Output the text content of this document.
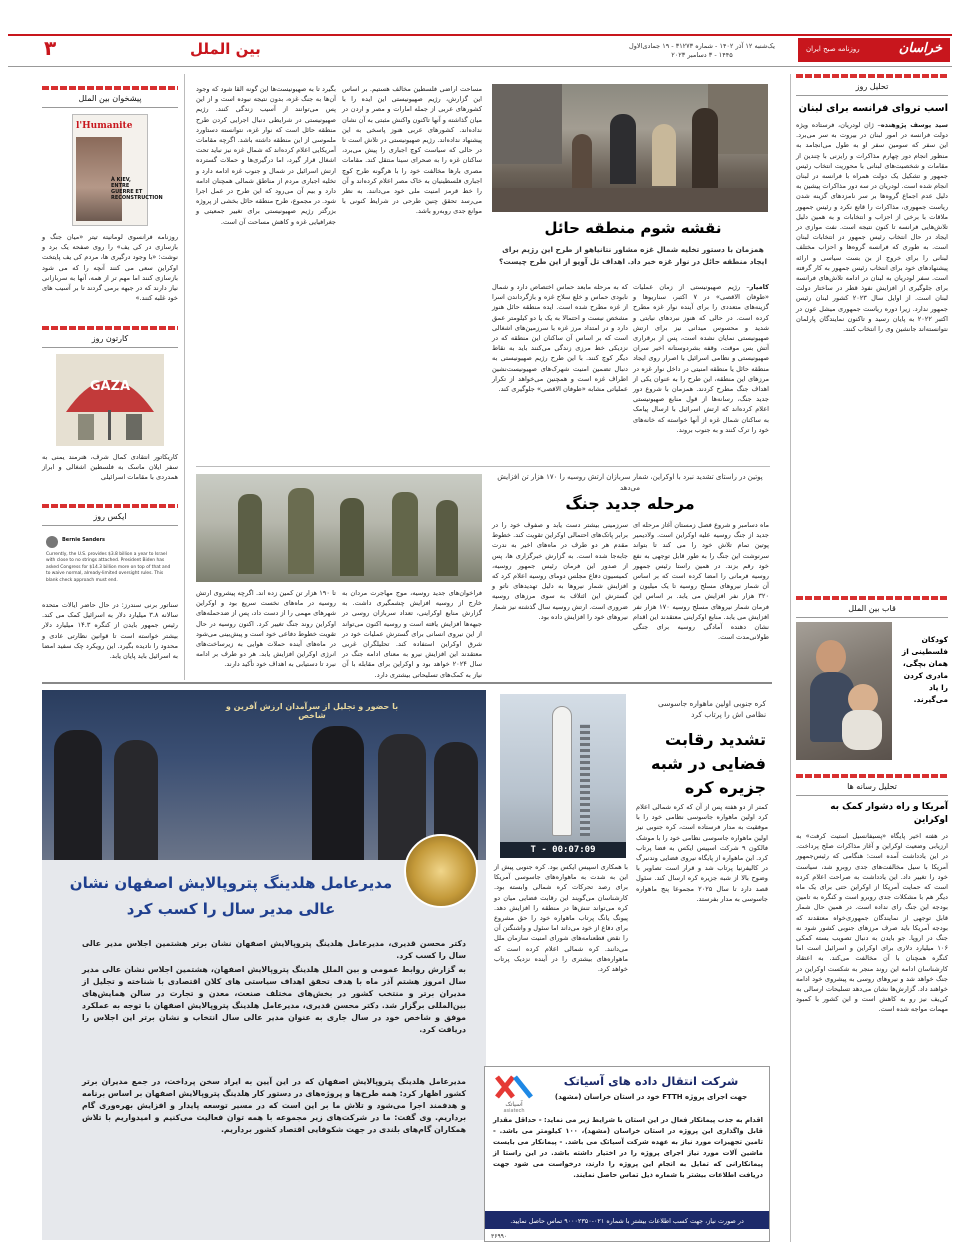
۳	بین الملل	یک‌شنبه ۱۲ آذر ۱۴۰۲ - شماره ۳۱۲۷۳ - ۱۹ جمادی‌الاول ۱۴۴۵ - ۳ دسامبر ۲۰۲۳	خراسان
روزنامه صبح ایران
تحلیل روز
اسب تروای فرانسه برای لبنان
سید یوسف پژوهنده– ژان لودریان، فرستاده ویژه دولت فرانسه در امور لبنان در بیروت به سر می‌برد. این سفر که سومین سفر او به طول می‌انجامد به منظور انجام دور چهارم مذاکرات و رایزنی با چندین از مقامات و شخصیت‌های لبنانی با محوریت انتخاب رئیس جمهور و تشکیل یک دولت همراه با فرانسه در لبنان انجام شده است. لودریان در سه دور مذاکرات پیشین به دلیل عدم اجماع گروه‌ها بر سر نامزدهای گزینه شدن ریاست جمهوری، مذاکرات را قانع نکرد و رئیس جمهور ملاقات با برخی از احزاب و انتخابات و به همین دلیل تلاش‌هایی فرانسه تا کنون نتیجه است. نفت موازی در ایجاد در حال انتخاب رئیس جمهور در انتخابات لبنان است. به طوری که فرانسه گروه‌ها و احزاب مختلف لبنانی را برای خروج از بن بست سیاسی و ارائه پیشنهادهای خود برای انتخاب رئیس جمهور به کار گرفته است. سفر لودریان به لبنان در ادامه تلاش‌های فرانسه برای جلوگیری از افزایش نفوذ قطر در ساختار دولت لبنان است. از اوایل سال ۲۰۲۳ کشور لبنان رئیس جمهور ندارد. زیرا دوره ریاست جمهوری میشل عون در اکتبر ۲۰۲۲ به پایان رسید و تاکنون نمایندگان پارلمان نتوانسته‌اند جانشین وی را انتخاب کنند.
قاب بین الملل
کودکان فلسطینی از همان بچگی، مادری کردن را یاد می‌گیرند.
تحلیل رسانه ها
آمریکا و راه دشوار کمک به اوکراین
در هفته اخیر پایگاه «پسیفانسیل استیت کرفت» به ارزیابی وضعیت اوکراین و آغاز مذاکرات صلح پرداخت. در این یادداشت آمده است: هنگامی که رئیس‌جمهور آمریکا با سیل مخالفت‌های جدی روبرو شد، سیاست خود را تغییر داد. این یادداشت به صراحت اعلام کرده است که حمایت آمریکا از اوکراین حتی برای یک ماه دیگر هم با مشکلات جدی روبرو است و کنگره به تامین بودجه این جنگ رای نداده است. در همین حال شمار قابل توجهی از نمایندگان جمهوری‌خواه معتقدند که بودجه آمریکا باید صرف مرزهای جنوبی کشور شود نه جنگ در اروپا. جو بایدن به دنبال تصویب بسته کمکی ۱۰۶ میلیارد دلاری برای اوکراین و اسرائیل است اما کنگره همچنان با آن مخالفت می‌کند. به اعتقاد کارشناسان ادامه این روند منجر به شکست اوکراین در جنگ خواهد شد و نیروهای روسی به پیشروی خود ادامه خواهند داد. گزارش‌ها نشان می‌دهد تسلیحات ارسالی به کی‌یف نیز رو به کاهش است و این کشور با کمبود مهمات مواجه شده است.
پیشخوان بین الملل
l'Humanite
À KIEV, ENTRE GUERRE ET RECONSTRUCTION
روزنامه فرانسوی لومانیته تیتر «میان جنگ و بازسازی در کی یف» را روی صفحه یک برد و نوشت: «با وجود درگیری ها، مردم کی یف پایتخت اوکراین سعی می کنند آنچه را که می شود بازسازی کنند اما مهم تر از همه، آنها به سربازانی نیاز دارند که در جبهه برمی گردند تا بر آسیب های خود غلبه کنند.»
کارتون روز
GAZA
کاریکاتور انتقادی کمال شرف، هنرمند یمنی به سفر ایلان ماسک به فلسطین اشغالی و ابراز همدردی با مقامات اسرائیلی
ایکس روز
Bernie Sanders
Currently, the U.S. provides $3.8 billion a year to Israel with close to no strings attached. President Biden has asked Congress for $14.3 billion more on top of that and to waive normal, already-limited oversight rules. This blank check approach must end.
سناتور برنی سندرز: در حال حاضر ایالات متحده سالانه ۳.۸ میلیارد دلار به اسرائیل کمک می کند. رئیس جمهور بایدن از کنگره ۱۴.۳ میلیارد دلار بیشتر خواسته است تا قوانین نظارتی عادی و محدود را نادیده بگیرد. این رویکرد چک سفید امضا به اسرائیل باید پایان یابد.
نقشه شوم منطقه حائل
همزمان با دستور تخلیه شمال غزه مشاور نتانیاهو از طرح این رژیم برای ایجاد منطقه حائل در نوار غزه خبر داد. اهداف تل آویو از این طرح چیست؟
کامیار– رژیم صهیونیستی از زمان عملیات «طوفان الاقصی» در ۷ اکتبر، سناریوها و گزینه‌های متعددی را برای آینده نوار غزه مطرح کرده است. در حالی که هنوز نبردهای نیابتی و شدید و محسوس میدانی نیز برای ارتش صهیونیستی نمایان نشده است، پس از برقراری آتش بس موقت، وقفه بشردوستانه اخیر سران صهیونیستی و نظامی اسرائیل با اصرار روی ایجاد منطقه حائل یا منطقه امنیتی در داخل نوار غزه در مرزهای این منطقه، این طرح را به عنوان یکی از اهداف جنگ مطرح کردند. همزمان با شروع دور جدید جنگ، رسانه‌ها از قول منابع صهیونیستی اعلام کرده‌اند که ارتش اسرائیل با ارسال پیامک به ساکنان شمال غزه از آنها خواسته که خانه‌های خود را ترک کنند و به جنوب بروند.
که به مرحله مابعد حماس اختصاص دارد و شمال نابودی حماس و خلع سلاح غزه و بازگرداندن اسرا از غزه مطرح شده است. ایده منطقه حائل هنوز مشخص نیست و احتمالا به یک یا دو کیلومتر عمق دارد و در امتداد مرز غزه با سرزمین‌های اشغالی است که بر اساس آن ساکنان این منطقه که در نزدیکی خط مرزی زندگی می‌کنند باید به نقاط دیگر کوچ کنند. با این طرح رژیم صهیونیستی به دنبال تضمین امنیت شهرک‌های صهیونیست‌نشین اطراف غزه است و همچنین می‌خواهد از تکرار عملیاتی مشابه «طوفان الاقصی» جلوگیری کند.
مساحت اراضی فلسطین مخالف هستیم. بر اساس این گزارش، رژیم صهیونیستی این ایده را با کشورهای عربی از جمله امارات و مصر و اردن در میان گذاشته و آنها تاکنون واکنش مثبتی به آن نشان نداده‌اند. کشورهای عربی هنوز پاسخی به این پیشنهاد نداده‌اند. رژیم صهیونیستی در تلاش است تا در حالی که سیاست کوچ اجباری را پیش می‌برد، ساکنان غزه را به صحرای سینا منتقل کند. مقامات مصری بارها مخالفت خود را با هرگونه طرح کوچ اجباری فلسطینیان به خاک مصر اعلام کرده‌اند و آن را خط قرمز امنیت ملی خود می‌دانند. به نظر می‌رسد تحقق چنین طرحی در شرایط کنونی با موانع جدی روبه‌رو باشد.
بگیرد تا به صهیونیست‌ها این گونه القا شود که وجود آن‌ها به جنگ غزه، بدون نتیجه نبوده است و از این پس می‌توانند از آسیب زندگی کنند. رژیم صهیونیستی در شرایطی دنبال اجرایی کردن طرح منطقه حائل است که نوار غزه، نتوانسته دستاورد ملموسی از این منطقه داشته باشد. اگرچه مقامات آمریکایی اعلام کرده‌اند که شمال غزه نیز نباید تحت اشغال قرار گیرد، اما درگیری‌ها و حملات گسترده ارتش اسرائیل در شمال و جنوب غزه ادامه دارد و تخلیه اجباری مردم از مناطق شمالی همچنان ادامه دارد و بیم آن می‌رود که این طرح در عمل اجرا شود. در مجموع، طرح منطقه حائل بخشی از پروژه بزرگتر رژیم صهیونیستی برای تغییر جمعیتی و جغرافیایی غزه و کاهش مساحت آن است.
پوتین در راستای تشدید نبرد با اوکراین، شمار سربازان ارتش روسیه را ۱۷۰ هزار تن افزایش می‌دهد
مرحله جدید جنگ
ماه دسامبر و شروع فصل زمستان آغاز مرحله ای جدید از جنگ روسیه علیه اوکراین است. ولادیمیر پوتین تمام تلاش خود را می کند تا بتواند سرنوشت این جنگ را به طور قابل توجهی به نفع خود رقم بزند. در همین راستا رئیس جمهور روسیه فرمانی را امضا کرده است که بر اساس آن شمار نیروهای مسلح روسیه تا یک میلیون و ۳۲۰ هزار نفر افزایش می یابد. بر اساس این فرمان شمار نیروهای مسلح روسیه ۱۷۰ هزار نفر افزایش می یابد. منابع اوکراینی معتقدند این اقدام نشان دهنده آمادگی روسیه برای جنگی طولانی‌مدت است.
سرزمینی بیشتر دست یابد و صفوف خود را در برابر پاتک‌های احتمالی اوکراین تقویت کند. خطوط مقدم هر دو طرف در ماه‌های اخیر به ندرت جابه‌جا شده است. به گزارش خبرگزاری ها، پس از صدور این فرمان رئیس جمهور روسیه، کمیسیون دفاع مجلس دومای روسیه اعلام کرد که افزایش شمار نیروها به دلیل تهدیدهای ناتو و گسترش این ائتلاف به سوی مرزهای روسیه ضروری است. ارتش روسیه سال گذشته نیز شمار نیروهای خود را افزایش داده بود.
فراخوان‌های جدید روسیه، موج مهاجرت مردان به خارج از روسیه افزایش چشمگیری داشت. به گزارش منابع اوکراینی، تعداد سربازان روسی در جبهه‌ها افزایش یافته است و روسیه اکنون می‌تواند از این نیروی انسانی برای گسترش عملیات خود در شرق اوکراین استفاده کند. تحلیلگران غربی معتقدند این افزایش نیرو به معنای ادامه جنگ در سال ۲۰۲۴ خواهد بود و اوکراین برای مقابله با آن نیاز به کمک‌های تسلیحاتی بیشتری دارد.
تا ۱۹۰ هزار تن کمین زده اند. اگرچه پیشروی ارتش روسیه در ماه‌های نخست سریع بود و اوکراین شهرهای مهمی را از دست داد، پس از ضدحمله‌های اوکراین روند جنگ تغییر کرد. اکنون روسیه در حال تقویت خطوط دفاعی خود است و پیش‌بینی می‌شود در ماه‌های آینده حملات هوایی به زیرساخت‌های انرژی اوکراین افزایش یابد. هر دو طرف بر ادامه نبرد تا دستیابی به اهداف خود تأکید دارند.
کره جنوبی اولین ماهواره جاسوسی نظامی اش را پرتاب کرد
تشدید رقابت فضایی در شبه جزیره کره
T - 00:07:09
کمتر از دو هفته پس از آن که کره شمالی اعلام کرد اولین ماهواره جاسوسی نظامی خود را با موفقیت به مدار فرستاده است، کره جنوبی نیز اولین ماهواره جاسوسی نظامی خود را با موشک فالکون ۹ شرکت اسپیس ایکس به فضا پرتاب کرد. این ماهواره از پایگاه نیروی فضایی وندنبرگ در کالیفرنیا پرتاب شد و قرار است تصاویر با وضوح بالا از شبه جزیره کره ارسال کند. سئول قصد دارد تا سال ۲۰۲۵ مجموعا پنج ماهواره جاسوسی به مدار بفرستد.
با همکاری اسپیس ایکس بود. کره جنوبی پیش از این به شدت به ماهواره‌های جاسوسی آمریکا برای رصد تحرکات کره شمالی وابسته بود. کارشناسان می‌گویند این رقابت فضایی میان دو کره می‌تواند تنش‌ها در منطقه را افزایش دهد. پیونگ یانگ پرتاب ماهواره خود را حق مشروع برای دفاع از خود می‌داند اما سئول و واشنگتن آن را نقض قطعنامه‌های شورای امنیت سازمان ملل می‌دانند. کره شمالی اعلام کرده است که ماهواره‌های بیشتری را در آینده نزدیک پرتاب خواهد کرد.
با حضور و تجلیل از سرآمدان ارزش آفرین و شاخص
مدیرعامل هلدینگ پتروپالایش اصفهان نشان عالی مدیر سال را کسب کرد
دکتر محسن قدیری، مدیرعامل هلدینگ پتروپالایش اصفهان نشان برتر هشتمین اجلاس مدیر عالی سال را کسب کرد.
به گزارش روابط عمومی و بین الملل هلدینگ پتروپالایش اصفهان، هشتمین اجلاس نشان عالی مدیر سال امروز هشتم آذر ماه با هدف تحقق اهداف سیاستی های کلان اقتصادی با شناخته و تجلیل از مدیران برتر و منتخب کشور در بخش‌های مختلف صنعت، معدن و تجارت در سالن همایش‌های بین‌المللی برگزار شد. دکتر محسن قدیری، مدیرعامل هلدینگ پتروپالایش اصفهان با توجه به عملکرد موفق و شاخص خود در سال جاری به عنوان مدیر عالی سال انتخاب و نشان برتر این اجلاس را دریافت کرد.
مدیرعامل هلدینگ پتروپالایش اصفهان که در این آیین به ایراد سخن پرداخت، در جمع مدیران برتر کشور اظهار کرد: همه طرح‌ها و پروژه‌های در دستور کار هلدینگ پتروپالایش اصفهان بر اساس برنامه و هدفمند اجرا می‌شود و تلاش ما بر این است که در مسیر توسعه پایدار و افزایش بهره‌وری گام برداریم. وی گفت: ما در شرکت‌های زیر مجموعه با همه توان فعالیت می‌کنیم و امیدواریم با تلاش همکاران گام‌های بلندی در جهت شکوفایی اقتصاد کشور برداریم.
آسیاتک
asiatech
شرکت انتقال داده های آسیاتک
جهت اجرای پروژه FTTH خود در استان خراسان (مشهد)
اقدام به جذب پیمانکار فعال در این استان با شرایط زیر می نماید: - حداقل مقدار قابل واگذاری این پروژه در استان خراسان (مشهد)، ۱۰۰ کیلومتر می باشد. - تامین تجهیزات مورد نیاز به عهده شرکت آسیاتک می باشد. - پیمانکار می بایست ماشین آلات مورد نیاز اجرای پروژه را در اختیار داشته باشد. در این راستا از پیمانکارانی که تمایل به انجام این پروژه را دارند، درخواست می شود جهت دریافت اطلاعات بیشتر با شماره ذیل تماس حاصل نمایند.
در صورت نیاز، جهت کسب اطلاعات بیشتر با شماره ۰۲۱-۹۰۰۰۲۳۵۰ تماس حاصل نمایید.
۳۶۹۹۰
